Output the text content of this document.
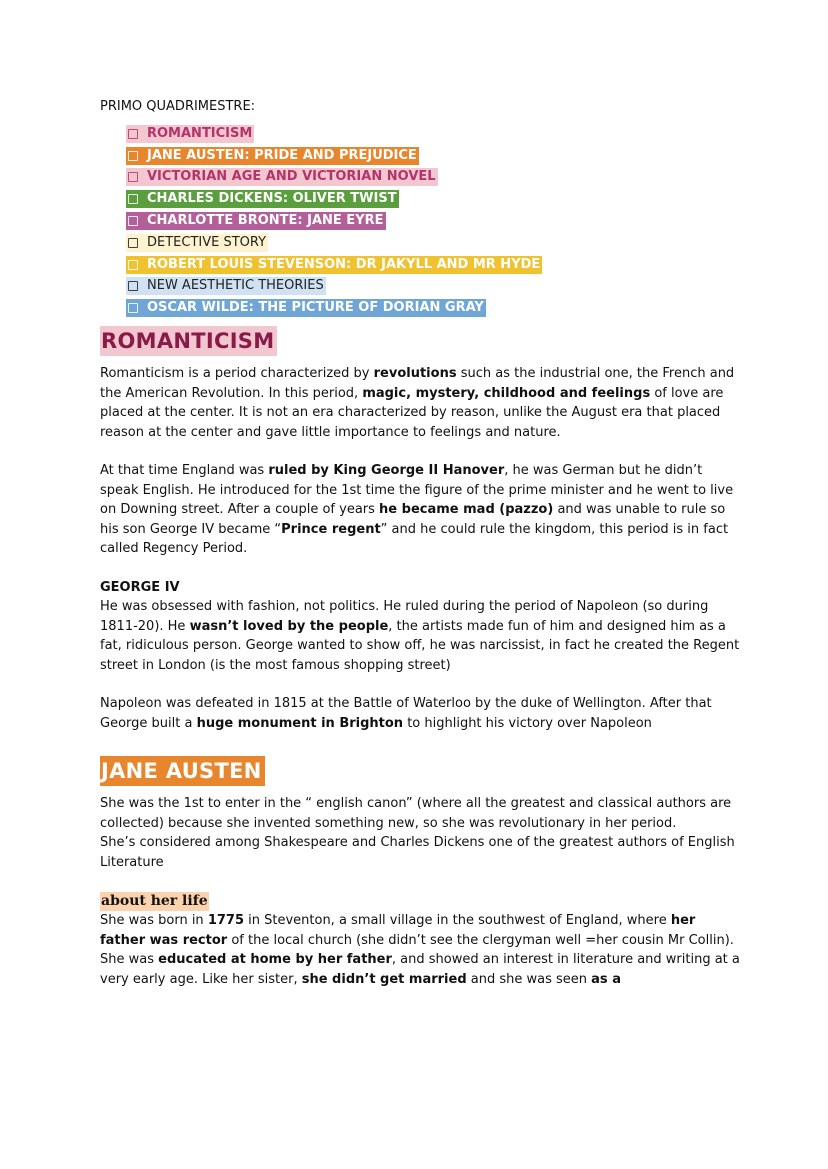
PRIMO QUADRIMESTRE:
ROMANTICISM
JANE AUSTEN: PRIDE AND PREJUDICE
VICTORIAN AGE AND VICTORIAN NOVEL
CHARLES DICKENS: OLIVER TWIST
CHARLOTTE BRONTE: JANE EYRE
DETECTIVE STORY
ROBERT LOUIS STEVENSON: DR JAKYLL AND MR HYDE
NEW AESTHETIC THEORIES
OSCAR WILDE: THE PICTURE OF DORIAN GRAY
ROMANTICISM

Romanticism is a period characterized by revolutions such as the industrial one, the French and the American Revolution. In this period, magic, mystery, childhood and feelings of love are placed at the center. It is not an era characterized by reason, unlike the August era that placed reason at the center and gave little importance to feelings and nature.

At that time England was ruled by King George II Hanover, he was German but he didn’t speak English. He introduced for the 1st time the figure of the prime minister and he went to live on Downing street. After a couple of years he became mad (pazzo) and was unable to rule so his son George IV became “Prince regent” and he could rule the kingdom, this period is in fact called Regency Period.

GEORGE IV

He was obsessed with fashion, not politics. He ruled during the period of Napoleon (so during 1811-20). He wasn’t loved by the people, the artists made fun of him and designed him as a fat, ridiculous person. George wanted to show off, he was narcissist, in fact he created the Regent street in London (is the most famous shopping street)

Napoleon was defeated in 1815 at the Battle of Waterloo by the duke of Wellington. After that George built a huge monument in Brighton to highlight his victory over Napoleon

JANE AUSTEN

She was the 1st to enter in the “ english canon” (where all the greatest and classical authors are collected) because she invented something new, so she was revolutionary in her period.

She’s considered among Shakespeare and Charles Dickens one of the greatest authors of English Literature

about her life

She was born in 1775 in Steventon, a small village in the southwest of England, where her father was rector of the local church (she didn’t see the clergyman well =her cousin Mr Collin). She was educated at home by her father, and showed an interest in literature and writing at a very early age. Like her sister, she didn’t get married and she was seen as a
